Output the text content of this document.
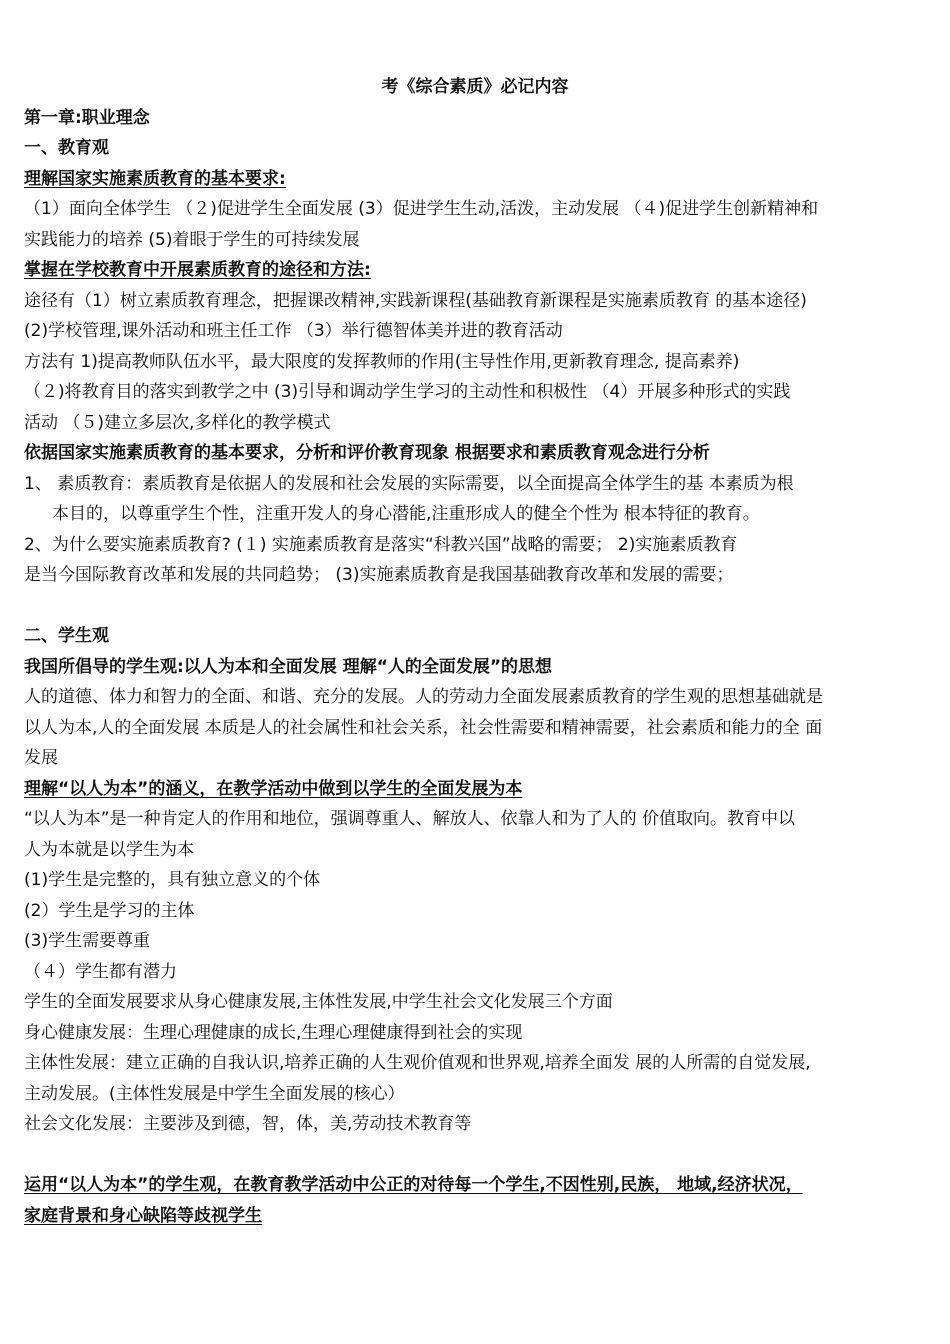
考《综合素质》必记内容
第一章:职业理念
一、教育观
理解国家实施素质教育的基本要求:
（1）面向全体学生 （２)促进学生全面发展 (3）促进学生生动,活泼，主动发展 （４)促进学生创新精神和
实践能力的培养 (5)着眼于学生的可持续发展
掌握在学校教育中开展素质教育的途径和方法:
途径有（1）树立素质教育理念，把握课改精神,实践新课程(基础教育新课程是实施素质教育 的基本途径)
(2)学校管理,课外活动和班主任工作 （3）举行德智体美并进的教育活动
方法有 1)提高教师队伍水平，最大限度的发挥教师的作用(主导性作用,更新教育理念, 提高素养)
（２)将教育目的落实到教学之中 (3)引导和调动学生学习的主动性和积极性 （4）开展多种形式的实践
活动 （５)建立多层次,多样化的教学模式
依据国家实施素质教育的基本要求，分析和评价教育现象 根据要求和素质教育观念进行分析
1、 素质教育：素质教育是依据人的发展和社会发展的实际需要，以全面提高全体学生的基 本素质为根
本目的，以尊重学生个性，注重开发人的身心潜能,注重形成人的健全个性为 根本特征的教育。
2、为什么要实施素质教育? (１) 实施素质教育是落实“科教兴国”战略的需要； 2)实施素质教育
是当今国际教育改革和发展的共同趋势； (3)实施素质教育是我国基础教育改革和发展的需要；
二、学生观
我国所倡导的学生观:以人为本和全面发展 理解“人的全面发展”的思想
人的道德、体力和智力的全面、和谐、充分的发展。人的劳动力全面发展素质教育的学生观的思想基础就是
以人为本,人的全面发展 本质是人的社会属性和社会关系，社会性需要和精神需要，社会素质和能力的全 面
发展
理解“以人为本”的涵义，在教学活动中做到以学生的全面发展为本
“以人为本”是一种肯定人的作用和地位，强调尊重人、解放人、依靠人和为了人的 价值取向。教育中以
人为本就是以学生为本
(1)学生是完整的，具有独立意义的个体
(2）学生是学习的主体
(3)学生需要尊重
（４）学生都有潜力
学生的全面发展要求从身心健康发展,主体性发展,中学生社会文化发展三个方面
身心健康发展：生理心理健康的成长,生理心理健康得到社会的实现
主体性发展：建立正确的自我认识,培养正确的人生观价值观和世界观,培养全面发 展的人所需的自觉发展,
主动发展。(主体性发展是中学生全面发展的核心）
社会文化发展：主要涉及到德，智，体，美,劳动技术教育等
运用“以人为本”的学生观，在教育教学活动中公正的对待每一个学生,不因性别,民族， 地域,经济状况，
家庭背景和身心缺陷等歧视学生
